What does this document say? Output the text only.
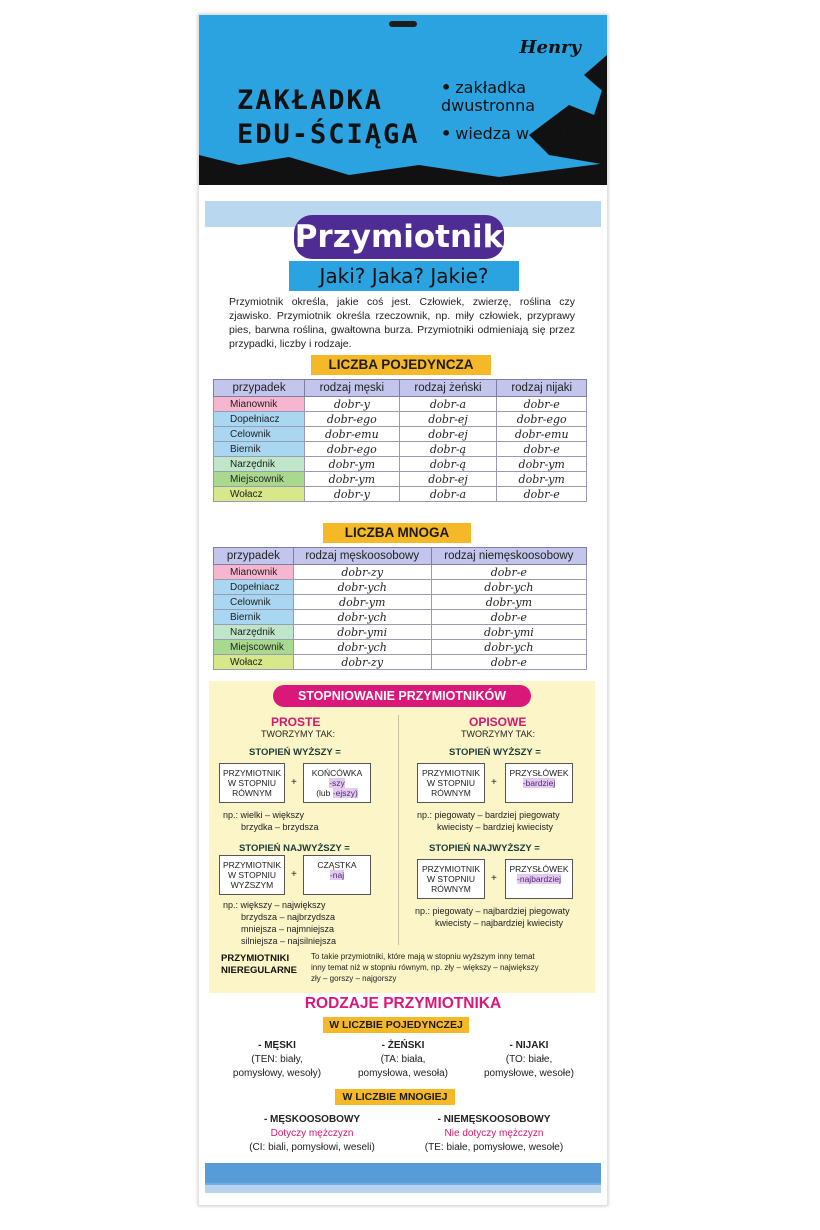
Henry
ZAKŁADKA
EDU-ŚCIĄGA
• zakładka dwustronna
• wiedza w pigułce
Przymiotnik
Jaki? Jaka? Jakie?
Przymiotnik określa, jakie coś jest. Człowiek, zwierzę, roślina czy zjawisko. Przymiotnik określa rzeczownik, np. miły człowiek, przyprawy pies, barwna roślina, gwałtowna burza. Przymiotniki odmieniają się przez przypadki, liczby i rodzaje.
LICZBA POJEDYNCZA
przypadek	rodzaj męski	rodzaj żeński	rodzaj nijaki
Mianownik	dobr-y	dobr-a	dobr-e
Dopełniacz	dobr-ego	dobr-ej	dobr-ego
Celownik	dobr-emu	dobr-ej	dobr-emu
Biernik	dobr-ego	dobr-ą	dobr-e
Narzędnik	dobr-ym	dobr-ą	dobr-ym
Miejscownik	dobr-ym	dobr-ej	dobr-ym
Wołacz	dobr-y	dobr-a	dobr-e
LICZBA MNOGA
przypadek	rodzaj męskoosobowy	rodzaj niemęskoosobowy
Mianownik	dobr-zy	dobr-e
Dopełniacz	dobr-ych	dobr-ych
Celownik	dobr-ym	dobr-ym
Biernik	dobr-ych	dobr-e
Narzędnik	dobr-ymi	dobr-ymi
Miejscownik	dobr-ych	dobr-ych
Wołacz	dobr-zy	dobr-e
STOPNIOWANIE PRZYMIOTNIKÓW
PROSTE
TWORZYMY TAK:
STOPIEŃ WYŻSZY =
PRZYMIOTNIK W STOPNIU RÓWNYM
+
KOŃCÓWKA
-szy
(lub -ejszy)
np.: wielki – większy
brzydka – brzydsza
STOPIEŃ NAJWYŻSZY =
PRZYMIOTNIK W STOPNIU WYŻSZYM
+
CZĄSTKA
-naj
np.: większy – największy
brzydsza – najbrzydsza
mniejsza – najmniejsza
silniejsza – najsilniejsza
OPISOWE
TWORZYMY TAK:
STOPIEŃ WYŻSZY =
PRZYMIOTNIK W STOPNIU RÓWNYM
+
PRZYSŁÓWEK
-bardziej
np.: piegowaty – bardziej piegowaty
kwiecisty – bardziej kwiecisty
STOPIEŃ NAJWYŻSZY =
PRZYMIOTNIK W STOPNIU RÓWNYM
+
PRZYSŁÓWEK
-najbardziej
np.: piegowaty – najbardziej piegowaty
kwiecisty – najbardziej kwiecisty
PRZYMIOTNIKI
NIEREGULARNE
To takie przymiotniki, które mają w stopniu wyższym inny temat
inny temat niż w stopniu równym, np. zły – większy – największy
zły – gorszy – najgorszy
RODZAJE PRZYMIOTNIKA
W LICZBIE POJEDYNCZEJ
- MĘSKI
(TEN: biały,
pomysłowy, wesoły)
- ŻEŃSKI
(TA: biała,
pomysłowa, wesoła)
- NIJAKI
(TO: białe,
pomysłowe, wesołe)
W LICZBIE MNOGIEJ
- MĘSKOOSOBOWY
Dotyczy mężczyzn
(CI: biali, pomysłowi, weseli)
- NIEMĘSKOOSOBOWY
Nie dotyczy mężczyzn
(TE: białe, pomysłowe, wesołe)
